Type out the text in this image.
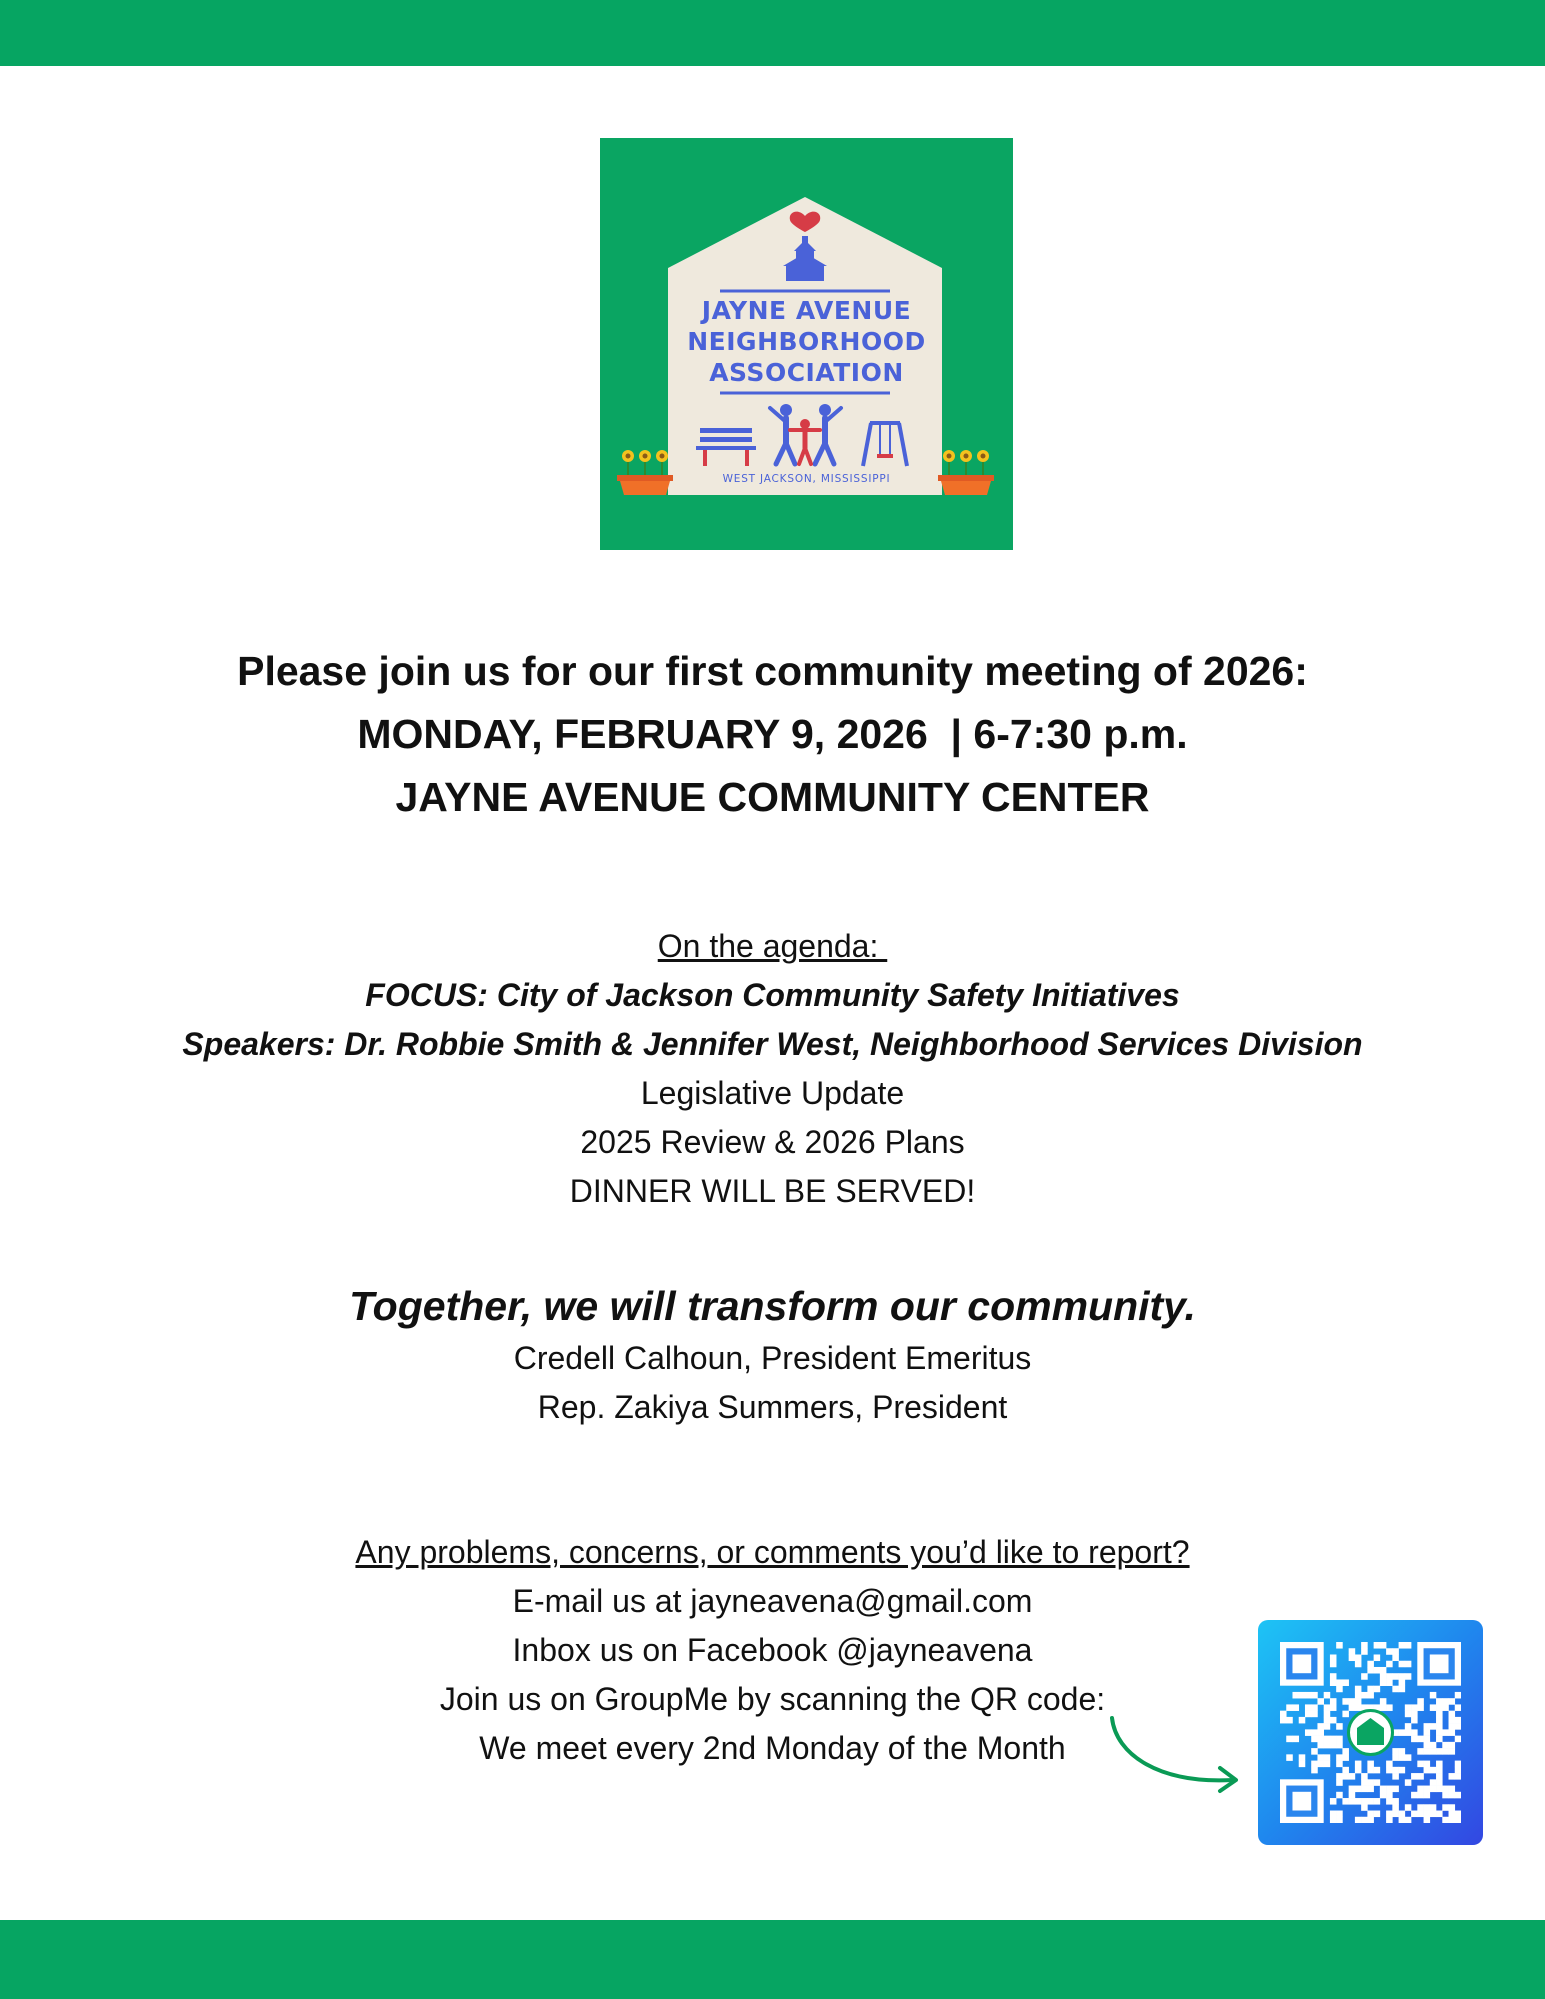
JAYNE AVENUE
NEIGHBORHOOD
ASSOCIATION
WEST JACKSON, MISSISSIPPI
Please join us for our first community meeting of 2026:
MONDAY, FEBRUARY 9, 2026  | 6-7:30 p.m.
JAYNE AVENUE COMMUNITY CENTER
On the agenda:
FOCUS: City of Jackson Community Safety Initiatives
Speakers: Dr. Robbie Smith & Jennifer West, Neighborhood Services Division
Legislative Update
2025 Review & 2026 Plans
DINNER WILL BE SERVED!
Together, we will transform our community.
Credell Calhoun, President Emeritus
Rep. Zakiya Summers, President
Any problems, concerns, or comments you’d like to report?
E-mail us at jayneavena@gmail.com
Inbox us on Facebook @jayneavena
Join us on GroupMe by scanning the QR code:
We meet every 2nd Monday of the Month
